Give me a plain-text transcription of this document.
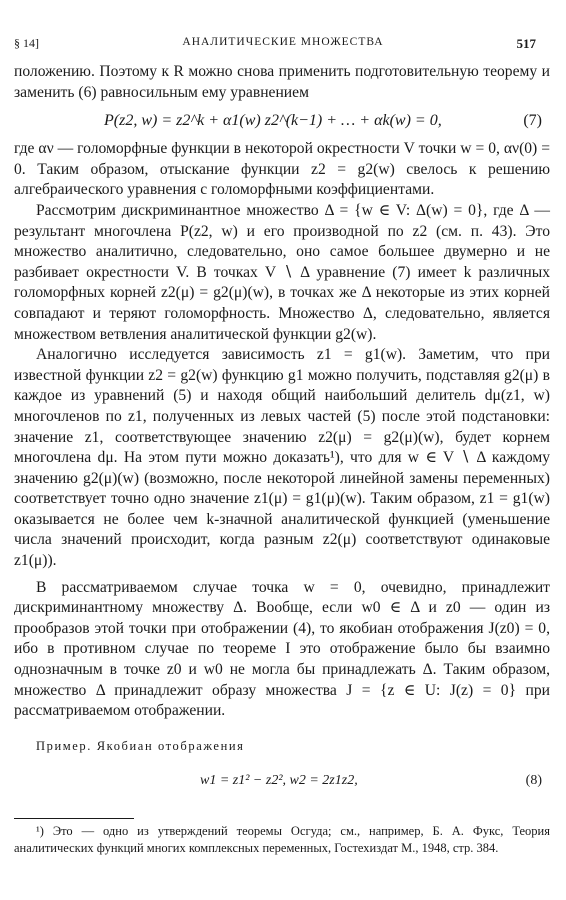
§ 14]	АНАЛИТИЧЕСКИЕ МНОЖЕСТВА	517

положению. Поэтому к R можно снова применить подготовительную теорему и заменить (6) равносильным ему уравнением

P(z2, w) = z2^k + α1(w) z2^(k−1) + … + αk(w) = 0,	(7)

где αν — голоморфные функции в некоторой окрестности V точки w = 0, αν(0) = 0. Таким образом, отыскание функции z2 = g2(w) свелось к решению алгебраического уравнения с голоморфными коэффициентами.

Рассмотрим дискриминантное множество Δ = {w ∈ V: Δ(w) = 0}, где Δ — результант многочлена P(z2, w) и его производной по z2 (см. п. 43). Это множество аналитично, следовательно, оно самое большее двумерно и не разбивает окрестности V. В точках V ∖ Δ уравнение (7) имеет k различных голоморфных корней z2(μ) = g2(μ)(w), в точках же Δ некоторые из этих корней совпадают и теряют голоморфность. Множество Δ, следовательно, является множеством ветвления аналитической функции g2(w).

Аналогично исследуется зависимость z1 = g1(w). Заметим, что при известной функции z2 = g2(w) функцию g1 можно получить, подставляя g2(μ) в каждое из уравнений (5) и находя общий наибольший делитель dμ(z1, w) многочленов по z1, полученных из левых частей (5) после этой подстановки: значение z1, соответствующее значению z2(μ) = g2(μ)(w), будет корнем многочлена dμ. На этом пути можно доказать¹), что для w ∈ V ∖ Δ каждому значению g2(μ)(w) (возможно, после некоторой линейной замены переменных) соответствует точно одно значение z1(μ) = g1(μ)(w). Таким образом, z1 = g1(w) оказывается не более чем k-значной аналитической функцией (уменьшение числа значений происходит, когда разным z2(μ) соответствуют одинаковые z1(μ)).

В рассматриваемом случае точка w = 0, очевидно, принадлежит дискриминантному множеству Δ. Вообще, если w0 ∈ Δ и z0 — один из прообразов этой точки при отображении (4), то якобиан отображения J(z0) = 0, ибо в противном случае по теореме I это отображение было бы взаимно однозначным в точке z0 и w0 не могла бы принадлежать Δ. Таким образом, множество Δ принадлежит образу множества J = {z ∈ U: J(z) = 0} при рассматриваемом отображении.

Пример. Якобиан отображения
w1 = z1² − z2², w2 = 2z1z2,	(8)

¹) Это — одно из утверждений теоремы Осгуда; см., например, Б. А. Фукс, Теория аналитических функций многих комплексных переменных, Гостехиздат М., 1948, стр. 384.
